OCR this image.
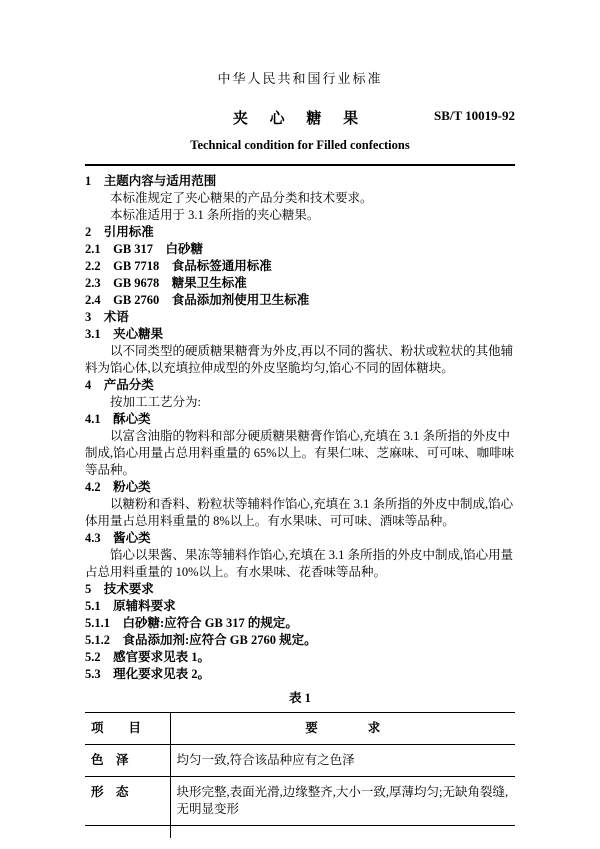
中华人民共和国行业标准
夹 心 糖 果	SB/T 10019-92
Technical condition for Filled confections
1　主题内容与适用范围
本标准规定了夹心糖果的产品分类和技术要求。
本标准适用于 3.1 条所指的夹心糖果。
2　引用标准
2.1　GB 317　白砂糖
2.2　GB 7718　食品标签通用标准
2.3　GB 9678　糖果卫生标准
2.4　GB 2760　食品添加剂使用卫生标准
3　术语
3.1　夹心糖果
以不同类型的硬质糖果糖膏为外皮,再以不同的酱状、粉状或粒状的其他辅料为馅心体,以充填拉伸成型的外皮坚脆均匀,馅心不同的固体糖块。
4　产品分类
按加工工艺分为:
4.1　酥心类
以富含油脂的物料和部分硬质糖果糖膏作馅心,充填在 3.1 条所指的外皮中制成,馅心用量占总用料重量的 65%以上。有果仁味、芝麻味、可可味、咖啡味等品种。
4.2　粉心类
以糖粉和香料、粉粒状等辅料作馅心,充填在 3.1 条所指的外皮中制成,馅心体用量占总用料重量的 8%以上。有水果味、可可味、酒味等品种。
4.3　酱心类
馅心以果酱、果冻等辅料作馅心,充填在 3.1 条所指的外皮中制成,馅心用量占总用料重量的 10%以上。有水果味、花香味等品种。
5　技术要求
5.1　原辅料要求
5.1.1　白砂糖:应符合 GB 317 的规定。
5.1.2　食品添加剂:应符合 GB 2760 规定。
5.2　感官要求见表 1。
5.3　理化要求见表 2。
表 1
项　　目	要　　　　求
色　泽	均匀一致,符合该品种应有之色泽
形　态	块形完整,表面光滑,边缘整齐,大小一致,厚薄均匀;无缺角裂缝,无明显变形
